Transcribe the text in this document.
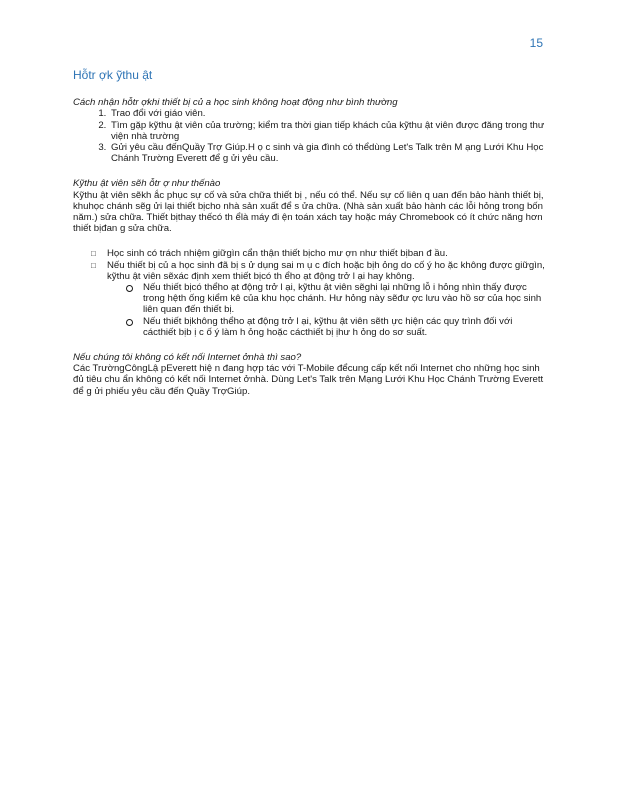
15
Hỗtr ợk ỹthu ật

Cách nhận hỗtr ợkhi thiết bị củ a học sinh không hoạt động như bình thường

1. Trao đổi với giáo viên.
2. Tìm gặp kỹthu ật viên của trường; kiểm tra thời gian tiếp khách của kỹthu ật viên được đăng trong thư viện nhà trường
3. Gửi yêu cầu đếnQuầy Trợ Giúp.H ọ c sinh và gia đình có thểdùng Let's Talk trên M ạng Lưới Khu Học Chánh Trường Everett để g ửi yêu cầu.

Kỹthu ật viên sẽh ỗtr ợ như thếnào

Kỹthu ật viên sẽkh ắc phục sự cố và sửa chữa thiết bị , nếu có thể. Nếu sự cố liên q uan đến bảo hành thiết bị, khuhọc chánh sẽg ửi lại thiết bịcho nhà sản xuất để s ửa chữa. (Nhà sản xuất bảo hành các lỗi hỏng trong bốn năm.) sửa chữa. Thiết bịthay thếcó th ểlà máy đi ện toán xách tay hoặc máy Chromebook có ít chức năng hơn thiết bịđan g sửa chữa.

□ Học sinh có trách nhiệm giữgìn cẩn thận thiết bịcho mư ợn như thiết bịban đ ầu.
□ Nếu thiết bị củ a học sinh đã bị s ử dụng sai m ụ c đích hoặc bịh ỏng do cố ý ho ặc không được giữgìn, kỹthu ật viên sẽxác định xem thiết bịcó th ểho ạt động trở l ại hay không.
Nếu thiết bịcó thểho ạt động trở l ại, kỹthu ật viên sẽghi lại những lỗ i hỏng nhìn thấy được trong hệth ống kiểm kê của khu học chánh. Hư hỏng này sẽđư ợc lưu vào hồ sơ của học sinh liên quan đến thiết bị.
Nếu thiết bịkhông thểho ạt động trở l ại, kỹthu ật viên sẽth ực hiện các quy trình đối với cácthiết bịb ị c ố ý làm h ỏng hoặc cácthiết bị ịhư h ỏng do sơ suất.

Nếu chúng tôi không có kết nối Internet ởnhà thì sao?

Các TrườngCôngLậ pEverett hiệ n đang hợp tác với T-Mobile đểcung cấp kết nối Internet cho những học sinh đủ tiêu chu ẩn không có kết nối Internet ởnhà. Dùng Let's Talk trên Mạng Lưới Khu Học Chánh Trường Everett để g ửi phiếu yêu cầu đến Quầy TrợGiúp.
